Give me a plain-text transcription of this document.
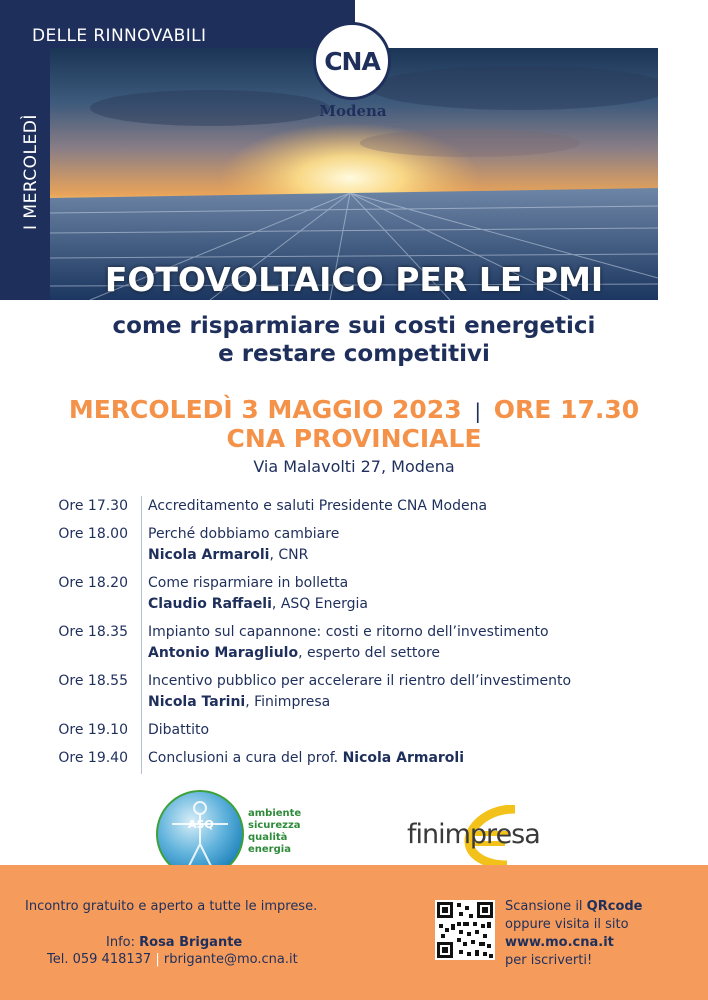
DELLE RINNOVABILI
I MERCOLEDÌ
CNA
Modena
FOTOVOLTAICO PER LE PMI
come risparmiare sui costi energetici
e restare competitivi
MERCOLEDÌ 3 MAGGIO 2023 | ORE 17.30
CNA PROVINCIALE
Via Malavolti 27, Modena
Ore 17.30	Accreditamento e saluti Presidente CNA Modena
Ore 18.00	Perché dobbiamo cambiare
Nicola Armaroli, CNR
Ore 18.20	Come risparmiare in bolletta
Claudio Raffaeli, ASQ Energia
Ore 18.35	Impianto sul capannone: costi e ritorno dell’investimento
Antonio Maragliulo, esperto del settore
Ore 18.55	Incentivo pubblico per accelerare il rientro dell’investimento
Nicola Tarini, Finimpresa
Ore 19.10	Dibattito
Ore 19.40	Conclusioni a cura del prof. Nicola Armaroli
ASQ
ambiente
sicurezza
qualità
energia	finimpresa
Incontro gratuito e aperto a tutte le imprese.
Info: Rosa Brigante
Tel. 059 418137 | rbrigante@mo.cna.it
Scansione il QRcode
oppure visita il sito
www.mo.cna.it
per iscriverti!
